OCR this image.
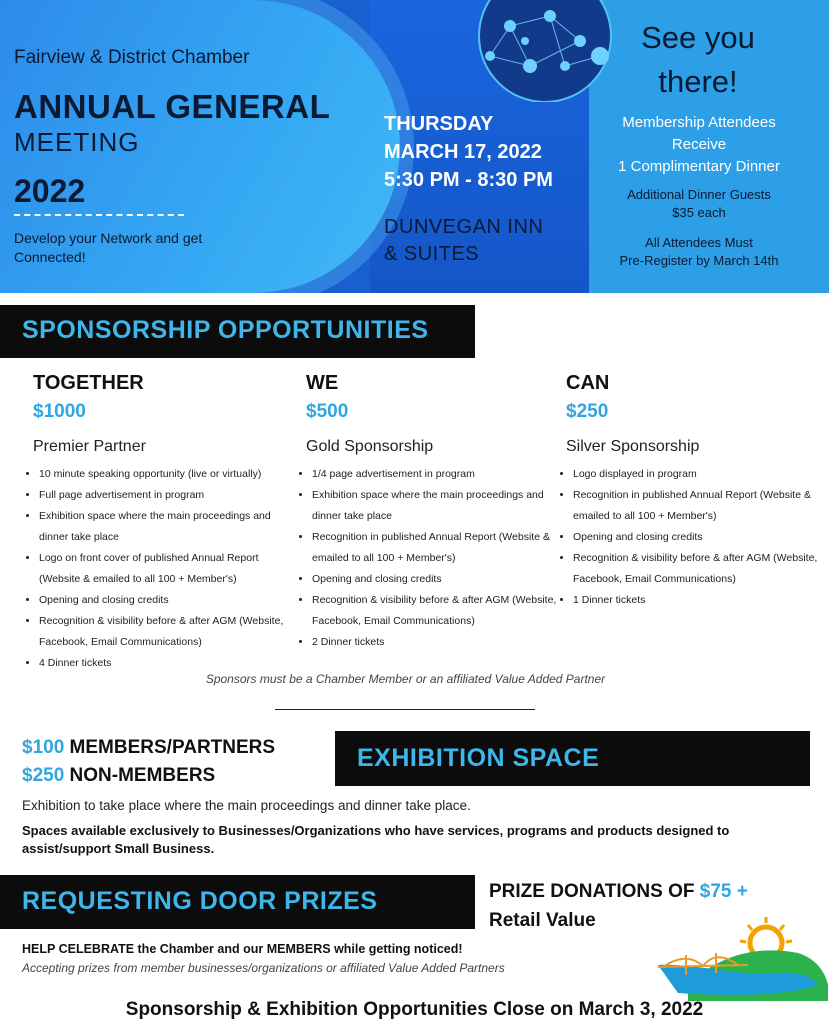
Fairview & District Chamber
ANNUAL GENERAL
MEETING
2022
Develop your Network and get Connected!
THURSDAY
MARCH 17, 2022
5:30 PM - 8:30 PM
DUNVEGAN INN
& SUITES
See you there!
Membership Attendees
Receive
1 Complimentary Dinner
Additional Dinner Guests
$35 each
All Attendees Must
Pre-Register by March 14th
SPONSORSHIP OPPORTUNITIES
TOGETHER
$1000
Premier Partner
• 10 minute speaking opportunity (live or virtually)
• Full page advertisement in program
• Exhibition space where the main proceedings and dinner take place
• Logo on front cover of published Annual Report (Website & emailed to all 100 + Member's)
• Opening and closing credits
• Recognition & visibility before & after AGM (Website, Facebook, Email Communications)
• 4 Dinner tickets
WE
$500
Gold Sponsorship
• 1/4 page advertisement in program
• Exhibition space where the main proceedings and dinner take place
• Recognition in published Annual Report (Website & emailed to all 100 + Member's)
• Opening and closing credits
• Recognition & visibility before & after AGM (Website, Facebook, Email Communications)
• 2 Dinner tickets
CAN
$250
Silver Sponsorship
• Logo displayed in program
• Recognition in published Annual Report (Website & emailed to all 100 + Member's)
• Opening and closing credits
• Recognition & visibility before & after AGM (Website, Facebook, Email Communications)
• 1 Dinner tickets
Sponsors must be a Chamber Member or an affiliated Value Added Partner
$100 MEMBERS/PARTNERS
$250 NON-MEMBERS
EXHIBITION SPACE
Exhibition to take place where the main proceedings and dinner take place.
Spaces available exclusively to Businesses/Organizations who have services, programs and products designed to assist/support Small Business.
REQUESTING DOOR PRIZES	PRIZE DONATIONS OF $75 +
Retail Value
HELP CELEBRATE the Chamber and our MEMBERS while getting noticed!
Accepting prizes from member businesses/organizations or affiliated Value Added Partners
Sponsorship & Exhibition Opportunities Close on March 3, 2022
